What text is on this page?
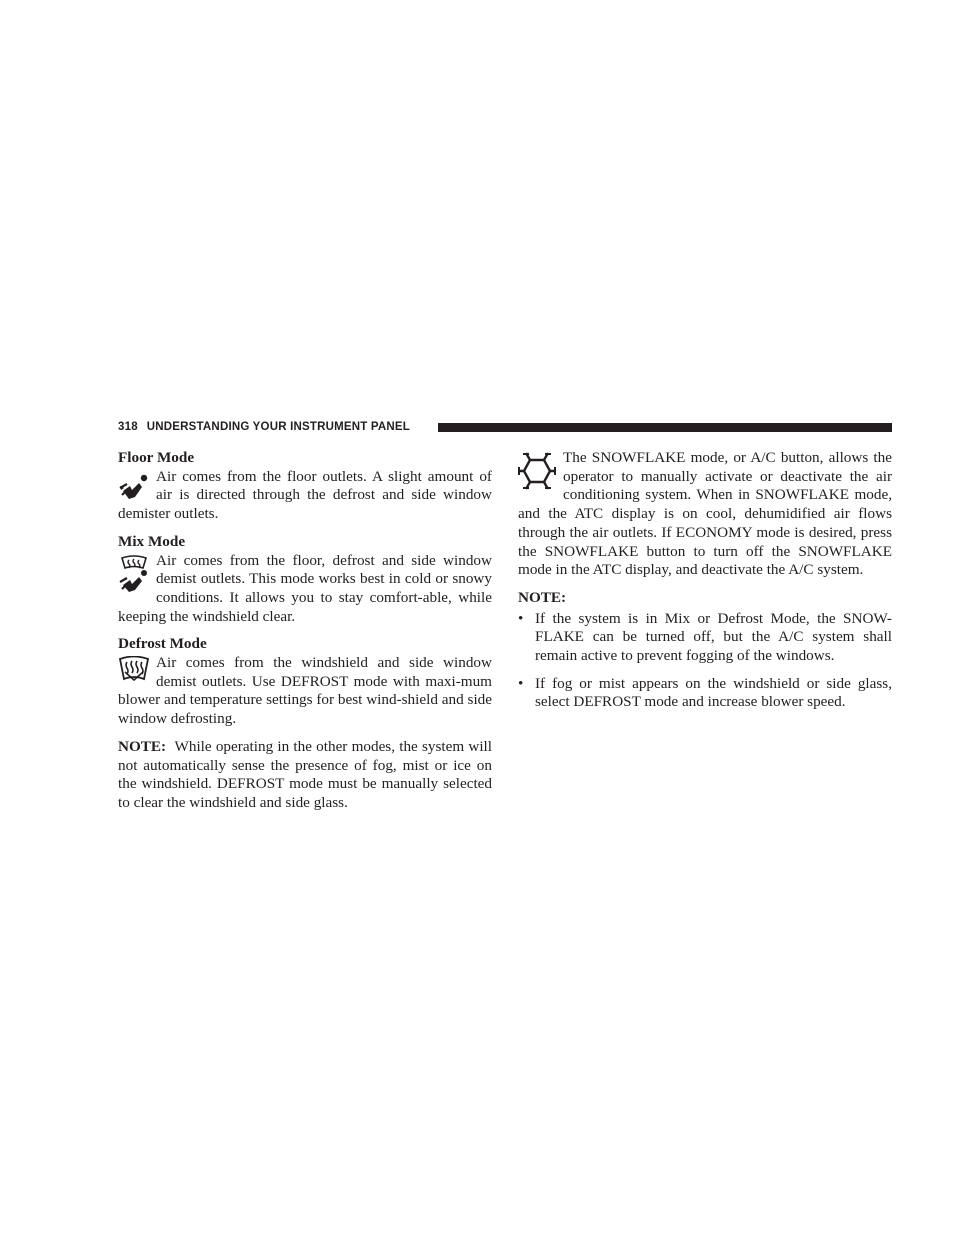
318 UNDERSTANDING YOUR INSTRUMENT PANEL
Floor Mode

Air comes from the floor outlets. A slight amount of air is directed through the defrost and side window demister outlets.

Mix Mode

Air comes from the floor, defrost and side window demist outlets. This mode works best in cold or snowy conditions. It allows you to stay comfort-able, while keeping the windshield clear.

Defrost Mode

Air comes from the windshield and side window demist outlets. Use DEFROST mode with maxi-mum blower and temperature settings for best wind-shield and side window defrosting.

NOTE: While operating in the other modes, the system will not automatically sense the presence of fog, mist or ice on the windshield. DEFROST mode must be manually selected to clear the windshield and side glass.

The SNOWFLAKE mode, or A/C button, allows the operator to manually activate or deactivate the air conditioning system. When in SNOWFLAKE mode, and the ATC display is on cool, dehumidified air flows through the air outlets. If ECONOMY mode is desired, press the SNOWFLAKE button to turn off the SNOWFLAKE mode in the ATC display, and deactivate the A/C system.

NOTE:
• If the system is in Mix or Defrost Mode, the SNOW-FLAKE can be turned off, but the A/C system shall remain active to prevent fogging of the windows.
• If fog or mist appears on the windshield or side glass, select DEFROST mode and increase blower speed.
